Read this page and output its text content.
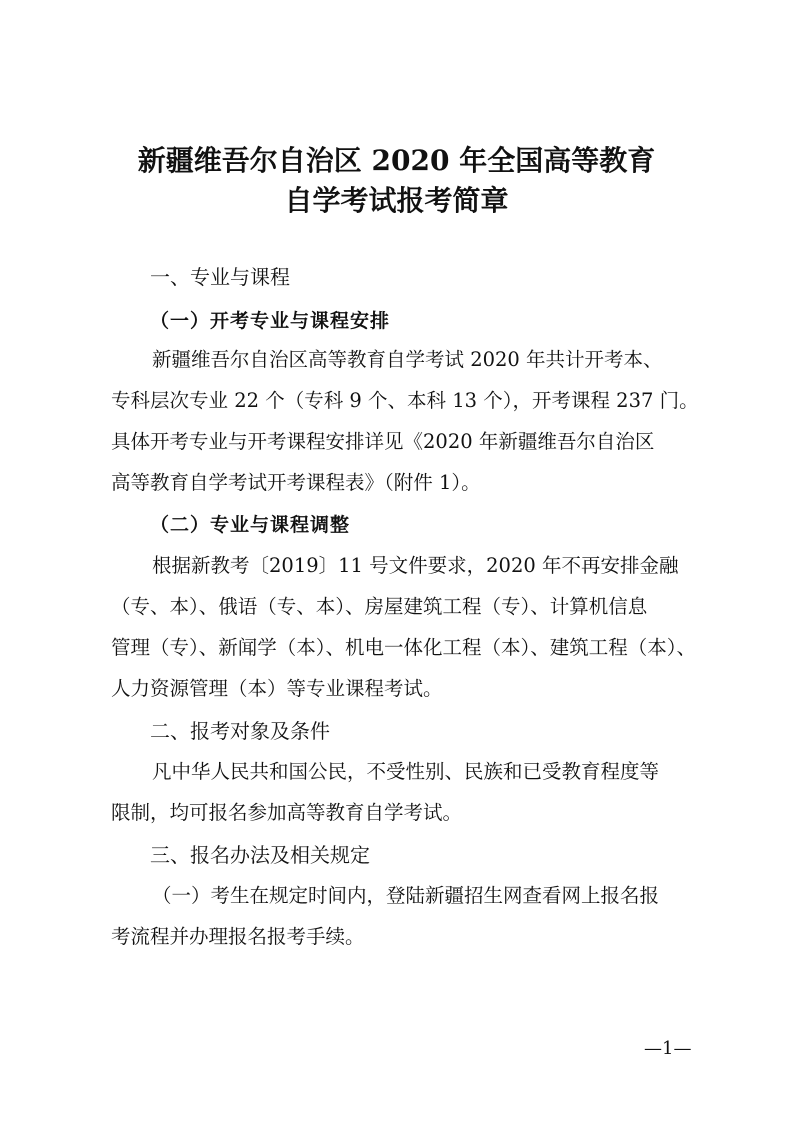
新疆维吾尔自治区 2020 年全国高等教育
自学考试报考简章
一、专业与课程
（一）开考专业与课程安排
新疆维吾尔自治区高等教育自学考试 2020 年共计开考本、
专科层次专业 22 个（专科 9 个、本科 13 个），开考课程 237 门。
具体开考专业与开考课程安排详见《2020 年新疆维吾尔自治区
高等教育自学考试开考课程表》（附件 1）。
（二）专业与课程调整
根据新教考〔2019〕11 号文件要求，2020 年不再安排金融
（专、本）、俄语（专、本）、房屋建筑工程（专）、计算机信息
管理（专）、新闻学（本）、机电一体化工程（本）、建筑工程（本）、
人力资源管理（本）等专业课程考试。
二、报考对象及条件
凡中华人民共和国公民，不受性别、民族和已受教育程度等
限制，均可报名参加高等教育自学考试。
三、报名办法及相关规定
（一）考生在规定时间内，登陆新疆招生网查看网上报名报
考流程并办理报名报考手续。
—1—
